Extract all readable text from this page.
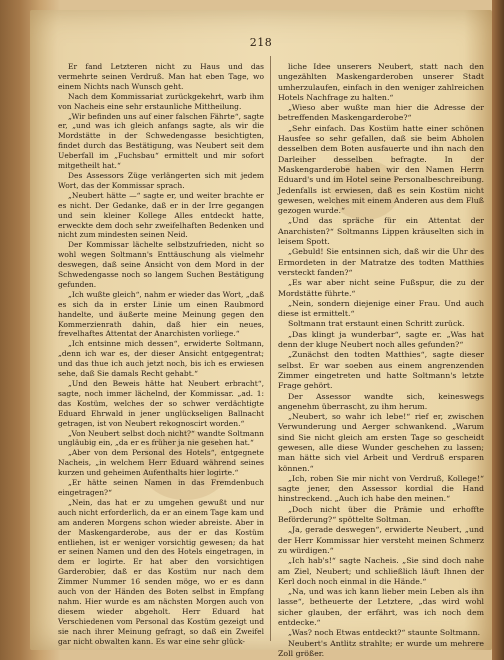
218

Er fand Letzteren nicht zu Haus und das vermehrte seinen Verdruß. Man hat eben Tage, wo einem Nichts nach Wunsch geht.

Nach dem Kommissariat zurückgekehrt, warb ihm von Nacheis eine sehr erstaunliche Mittheilung.

„Wir befinden uns auf einer falschen Fährte“, sagte er, „und was ich gleich anfangs sagte, als wir die Mordstätte in der Schwedengasse besichtigten, findet durch das Bestätigung, was Neubert seit dem Ueberfall im „Fuchsbau“ ermittelt und mir sofort mitgetheilt hat.“

Des Assessors Züge verlängerten sich mit jedem Wort, das der Kommissar sprach.

„Neubert hätte —“ sagte er, und weiter brachte er es nicht. Der Gedanke, daß er in der Irre gegangen und sein kleiner Kollege Alles entdeckt hatte, erweckte dem doch sehr zweifelhaften Bedenken und nicht zum mindesten seinen Neid.

Der Kommissar lächelte selbstzufrieden, nicht so wohl wegen Soltmann's Enttäuschung als vielmehr deswegen, daß seine Ansicht von dem Mord in der Schwedengasse noch so langem Suchen Bestätigung gefunden.

„Ich wußte gleich“, nahm er wieder das Wort, „daß es sich da in erster Linie um einen Raubmord handelte, und äußerte meine Meinung gegen den Kommerzienrath dahin, daß hier ein neues, frevelhaftes Attentat der Anarchisten vorliege.“

„Ich entsinne mich dessen“, erwiderte Soltmann, „denn ich war es, der dieser Ansicht entgegentrat; und das thue ich auch jetzt noch, bis ich es erwiesen sehe, daß Sie damals Recht gehabt.“

„Und den Beweis hätte hat Neubert erbracht“, sagte, noch immer lächelnd, der Kommissar. „ad. 1: das Kostüm, welches der so schwer verdächtigte Eduard Ehrwald in jener unglückseligen Ballnacht getragen, ist von Neubert rekognoscirt worden.“

„Von Neubert selbst doch nicht?“ wandte Soltmann ungläubig ein, „da er es früher ja nie gesehen hat.“

„Aber von dem Personal des Hotels“, entgegnete Nacheis, „in welchem Herr Eduard während seines kurzen und geheimen Aufenthalts hier logirte.“

„Er hätte seinen Namen in das Fremdenbuch eingetragen?“

„Nein, das hat er zu umgehen gewußt und nur auch nicht erforderlich, da er an einem Tage kam und am anderen Morgens schon wieder abreiste. Aber in der Maskengarderobe, aus der er das Kostüm entliehen, ist er weniger vorsichtig gewesen; da hat er seinen Namen und den des Hotels eingetragen, in dem er logirte. Er hat aber den vorsichtigen Garderobier, daß er das Kostüm nur nach dem Zimmer Nummer 16 senden möge, wo er es dann auch von der Händen des Boten selbst in Empfang nahm. Hier wurde es am nächsten Morgen auch von diesem wieder abgeholt. Herr Eduard hat Verschiedenen vom Personal das Kostüm gezeigt und sie nach ihrer Meinung gefragt, so daß ein Zweifel gar nicht obwalten kann. Es war eine sehr glück-

liche Idee unserers Neubert, statt nach den ungezählten Maskengarderoben unserer Stadt umherzulaufen, einfach in den weniger zahlreichen Hotels Nachfrage zu halten.“

„Wieso aber wußte man hier die Adresse der betreffenden Maskengarderobe?“

„Sehr einfach. Das Kostüm hatte einer schönen Hausfee so sehr gefallen, daß sie beim Abholen desselben dem Boten ausfauerte und ihn nach den Darleiher desselben befragte. In der Maskengarderobe haben wir den Namen Herrn Eduard's und im Hotel seine Personalbeschreibung. Jedenfalls ist erwiesen, daß es sein Kostüm nicht gewesen, welches mit einem Anderen aus dem Fluß gezogen wurde.“

„Und das spräche für ein Attentat der Anarchisten?“ Soltmanns Lippen kräuselten sich in leisem Spott.

„Gebuld! Sie entsinnen sich, daß wir die Uhr des Ermordeten in der Matratze des todten Matthies versteckt fanden?“

„Es war aber nicht seine Fußspur, die zu der Mordstätte führte.“

„Nein, sondern diejenige einer Frau. Und auch diese ist ermittelt.“

Soltmann trat erstaunt einen Schritt zurück.

„Das klingt ja wunderbar“, sagte er. „Was hat denn der kluge Neubert noch alles gefunden?“

„Zunächst den todten Matthies“, sagte dieser selbst. Er war soeben aus einem angrenzenden Zimmer eingetreten und hatte Soltmann's letzte Frage gehört.

Der Assessor wandte sich, keineswegs angenehm überrascht, zu ihm herum.

„Neubert, so wahr ich lebe!“ rief er, zwischen Verwunderung und Aerger schwankend. „Warum sind Sie nicht gleich am ersten Tage so gescheidt gewesen, alle diese Wunder geschehen zu lassen; man hätte sich viel Arbeit und Verdruß ersparen können.“

„Ich, roben Sie mir nicht von Verdruß, Kollege!“ sagte jener, den Assessor kordial die Hand hinstreckend. „Auch ich habe den meinen.“

„Doch nicht über die Prämie und erhoffte Beförderung?“ spöttelte Soltman.

„Ja, gerade deswegen“, erwiderte Neubert, „und der Herr Kommissar hier versteht meinen Schmerz zu würdigen.“

„Ich hab's!“ sagte Nacheis. „Sie sind doch nahe am Ziel, Neubert; und schließlich läuft Ihnen der Kerl doch noch einmal in die Hände.“

„Na, und was ich kann lieber mein Leben als ihn lasse“, betheuerte der Letztere, „das wird wohl sicher glauben, der erfährt, was ich noch dem entdecke.“

„Was? noch Etwas entdeckt?“ staunte Soltmann.

Neubert's Antlitz strahlte; er wurde um mehrere Zoll größer.
